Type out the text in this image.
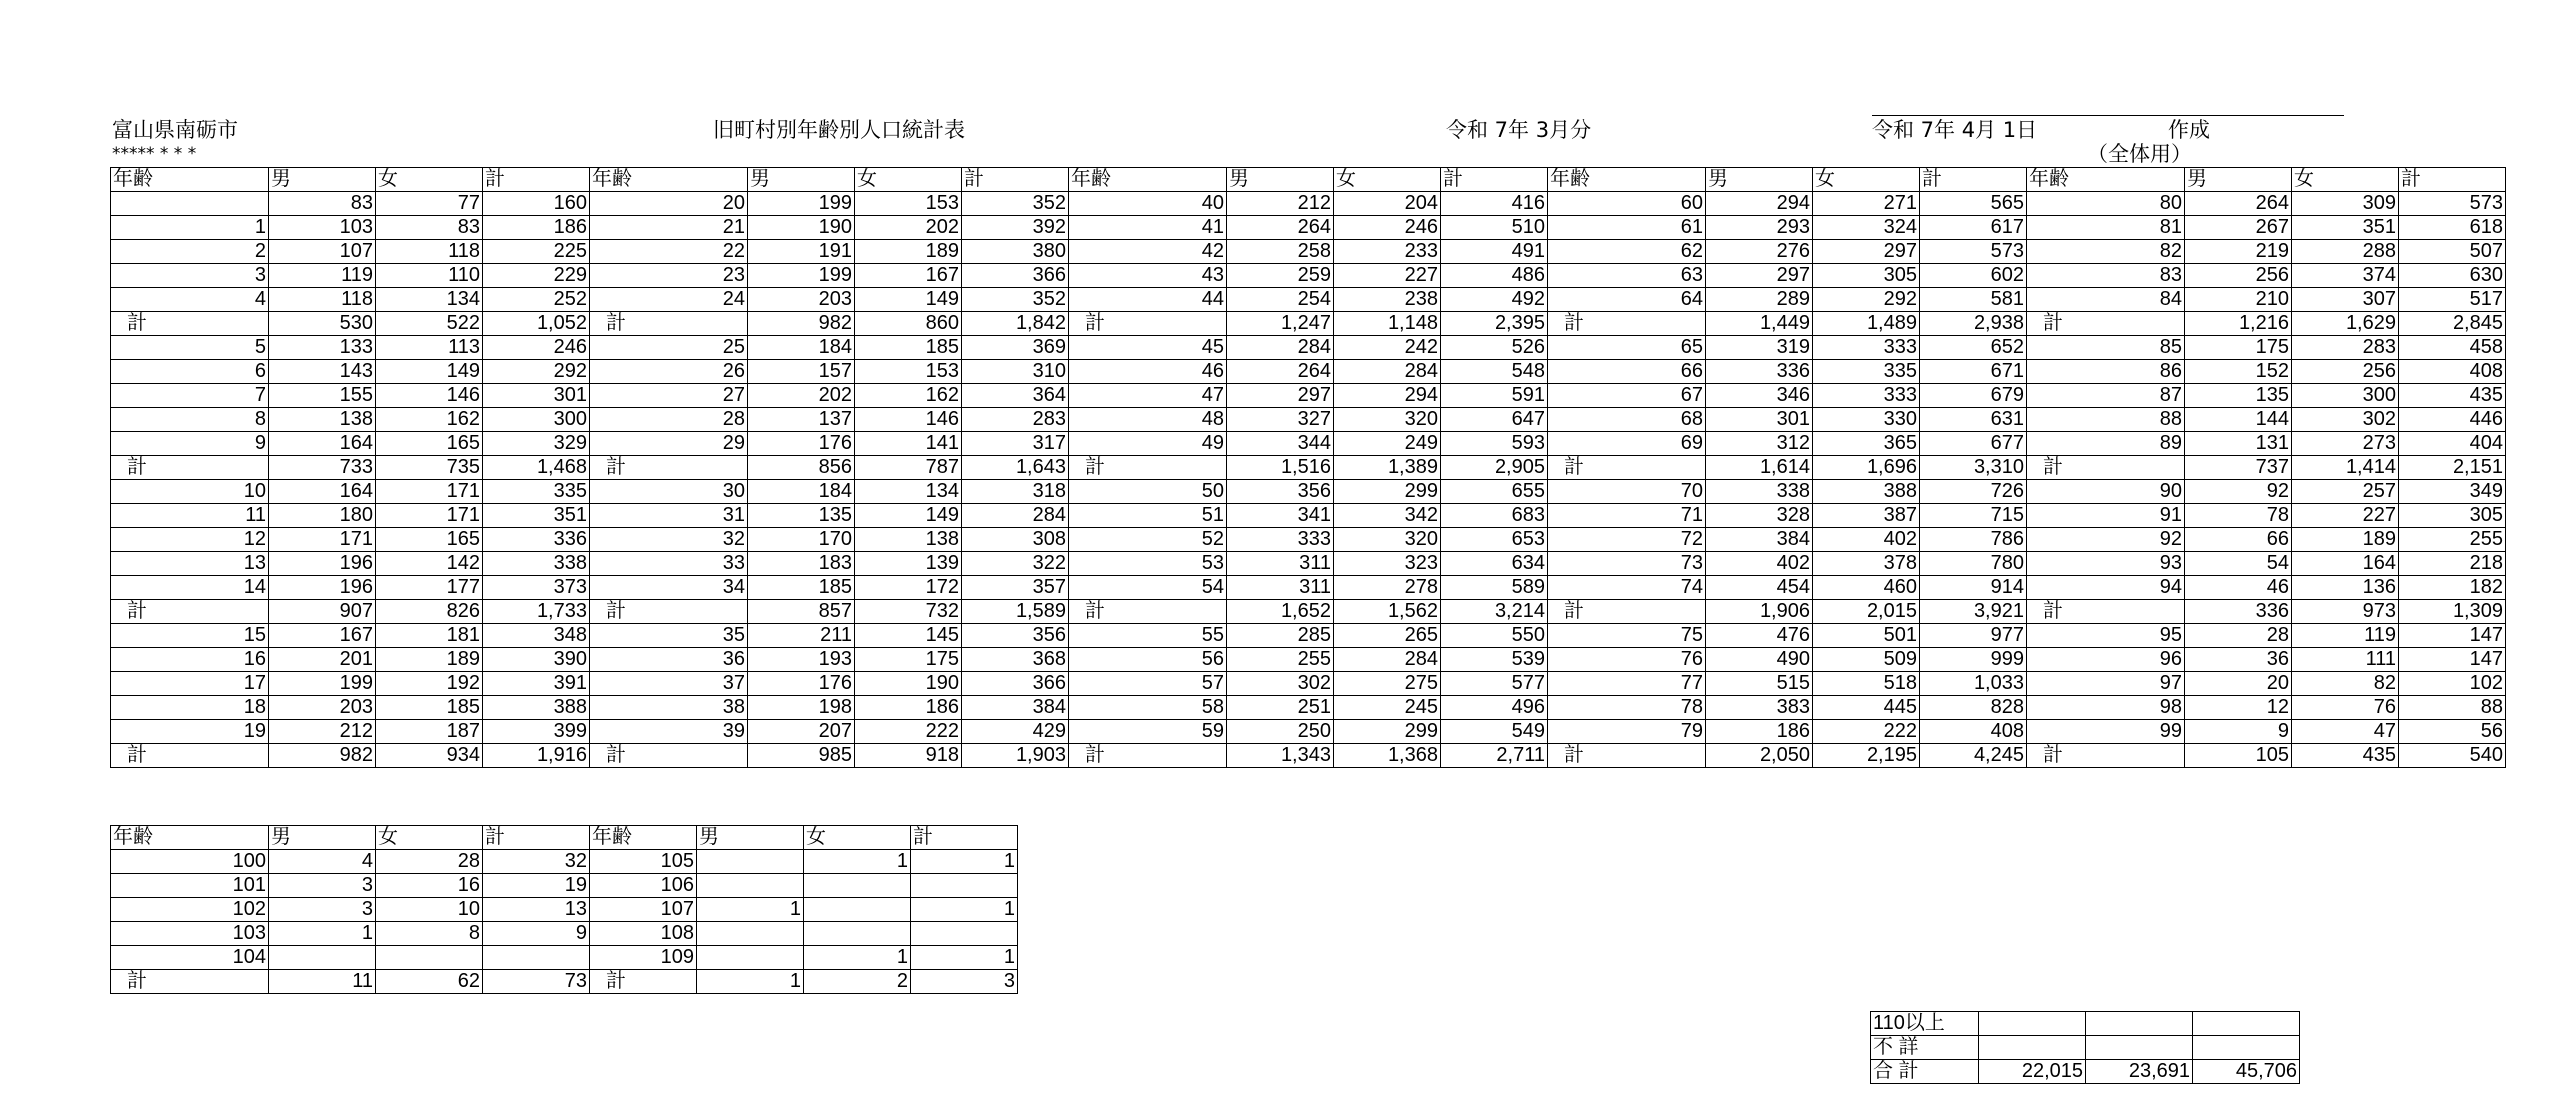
富山県南砺市
***** * * *
旧町村別年齢別人口統計表	令和 7年 3月分	令和 7年 4月 1日	作成
（全体用）
年齢	男	女	計	年齢	男	女	計	年齢	男	女	計	年齢	男	女	計	年齢	男	女	計
	83	77	160	20	199	153	352	40	212	204	416	60	294	271	565	80	264	309	573
1	103	83	186	21	190	202	392	41	264	246	510	61	293	324	617	81	267	351	618
2	107	118	225	22	191	189	380	42	258	233	491	62	276	297	573	82	219	288	507
3	119	110	229	23	199	167	366	43	259	227	486	63	297	305	602	83	256	374	630
4	118	134	252	24	203	149	352	44	254	238	492	64	289	292	581	84	210	307	517
計	530	522	1,052	計	982	860	1,842	計	1,247	1,148	2,395	計	1,449	1,489	2,938	計	1,216	1,629	2,845
5	133	113	246	25	184	185	369	45	284	242	526	65	319	333	652	85	175	283	458
6	143	149	292	26	157	153	310	46	264	284	548	66	336	335	671	86	152	256	408
7	155	146	301	27	202	162	364	47	297	294	591	67	346	333	679	87	135	300	435
8	138	162	300	28	137	146	283	48	327	320	647	68	301	330	631	88	144	302	446
9	164	165	329	29	176	141	317	49	344	249	593	69	312	365	677	89	131	273	404
計	733	735	1,468	計	856	787	1,643	計	1,516	1,389	2,905	計	1,614	1,696	3,310	計	737	1,414	2,151
10	164	171	335	30	184	134	318	50	356	299	655	70	338	388	726	90	92	257	349
11	180	171	351	31	135	149	284	51	341	342	683	71	328	387	715	91	78	227	305
12	171	165	336	32	170	138	308	52	333	320	653	72	384	402	786	92	66	189	255
13	196	142	338	33	183	139	322	53	311	323	634	73	402	378	780	93	54	164	218
14	196	177	373	34	185	172	357	54	311	278	589	74	454	460	914	94	46	136	182
計	907	826	1,733	計	857	732	1,589	計	1,652	1,562	3,214	計	1,906	2,015	3,921	計	336	973	1,309
15	167	181	348	35	211	145	356	55	285	265	550	75	476	501	977	95	28	119	147
16	201	189	390	36	193	175	368	56	255	284	539	76	490	509	999	96	36	111	147
17	199	192	391	37	176	190	366	57	302	275	577	77	515	518	1,033	97	20	82	102
18	203	185	388	38	198	186	384	58	251	245	496	78	383	445	828	98	12	76	88
19	212	187	399	39	207	222	429	59	250	299	549	79	186	222	408	99	9	47	56
計	982	934	1,916	計	985	918	1,903	計	1,343	1,368	2,711	計	2,050	2,195	4,245	計	105	435	540
年齢	男	女	計	年齢	男	女	計
100	4	28	32	105		1	1
101	3	16	19	106			
102	3	10	13	107	1		1
103	1	8	9	108			
104				109		1	1
計	11	62	73	計	1	2	3
110以上			
不 詳			
合 計	22,015	23,691	45,706
